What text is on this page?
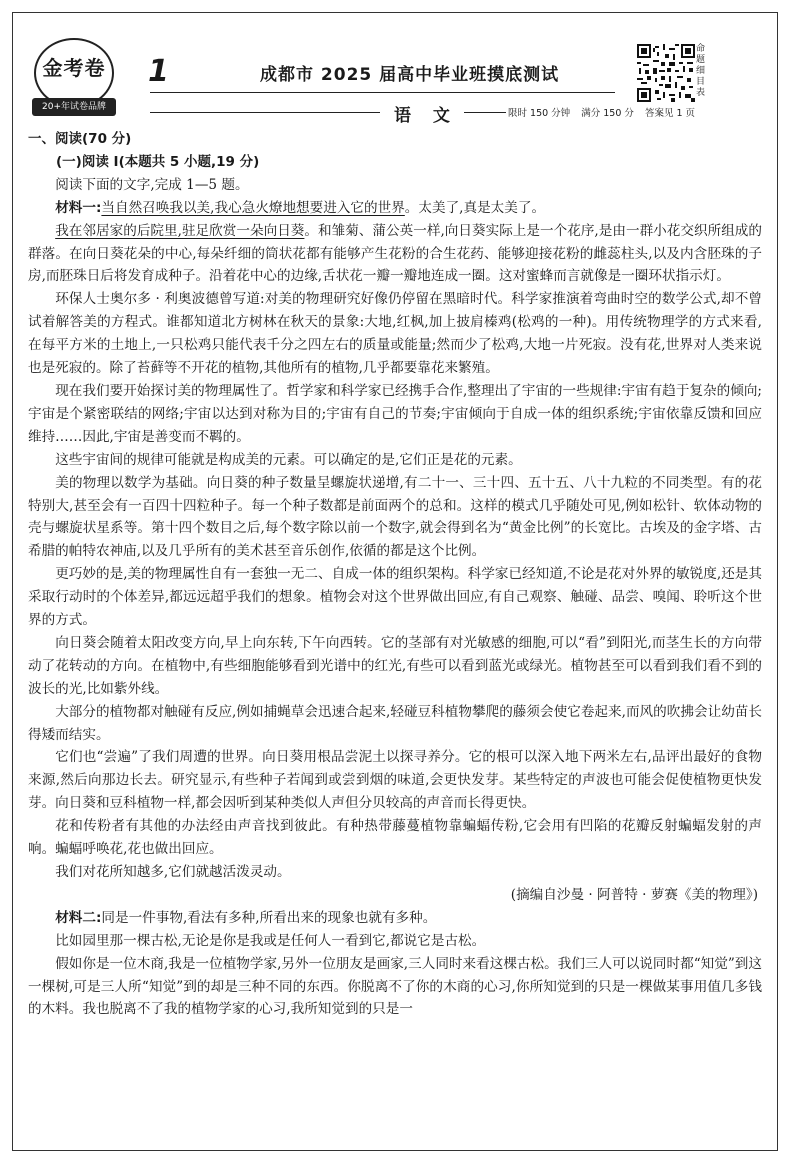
金考卷
20+年试卷品牌
1	成都市 2025 届高中毕业班摸底测试
语 文	限时 150 分钟 满分 150 分 答案见 1 页
命题细目表

一、阅读(70 分)

(一)阅读 Ⅰ(本题共 5 小题,19 分)

阅读下面的文字,完成 1—5 题。

材料一:当自然召唤我以美,我心急火燎地想要进入它的世界。太美了,真是太美了。

我在邻居家的后院里,驻足欣赏一朵向日葵。和雏菊、蒲公英一样,向日葵实际上是一个花序,是由一群小花交织所组成的群落。在向日葵花朵的中心,每朵纤细的筒状花都有能够产生花粉的合生花药、能够迎接花粉的雌蕊柱头,以及内含胚珠的子房,而胚珠日后将发育成种子。沿着花中心的边缘,舌状花一瓣一瓣地连成一圈。这对蜜蜂而言就像是一圈环状指示灯。

环保人士奥尔多 · 利奥波德曾写道:对美的物理研究好像仍停留在黑暗时代。科学家推演着弯曲时空的数学公式,却不曾试着解答美的方程式。谁都知道北方树林在秋天的景象:大地,红枫,加上披肩榛鸡(松鸡的一种)。用传统物理学的方式来看,在每平方米的土地上,一只松鸡只能代表千分之四左右的质量或能量;然而少了松鸡,大地一片死寂。没有花,世界对人类来说也是死寂的。除了苔藓等不开花的植物,其他所有的植物,几乎都要靠花来繁殖。

现在我们要开始探讨美的物理属性了。哲学家和科学家已经携手合作,整理出了宇宙的一些规律:宇宙有趋于复杂的倾向;宇宙是个紧密联结的网络;宇宙以达到对称为目的;宇宙有自己的节奏;宇宙倾向于自成一体的组织系统;宇宙依靠反馈和回应维持……因此,宇宙是善变而不羁的。

这些宇宙间的规律可能就是构成美的元素。可以确定的是,它们正是花的元素。

美的物理以数学为基础。向日葵的种子数量呈螺旋状递增,有二十一、三十四、五十五、八十九粒的不同类型。有的花特别大,甚至会有一百四十四粒种子。每一个种子数都是前面两个的总和。这样的模式几乎随处可见,例如松针、软体动物的壳与螺旋状星系等。第十四个数目之后,每个数字除以前一个数字,就会得到名为“黄金比例”的长宽比。古埃及的金字塔、古希腊的帕特农神庙,以及几乎所有的美术甚至音乐创作,依循的都是这个比例。

更巧妙的是,美的物理属性自有一套独一无二、自成一体的组织架构。科学家已经知道,不论是花对外界的敏锐度,还是其采取行动时的个体差异,都远远超乎我们的想象。植物会对这个世界做出回应,有自己观察、触碰、品尝、嗅闻、聆听这个世界的方式。

向日葵会随着太阳改变方向,早上向东转,下午向西转。它的茎部有对光敏感的细胞,可以“看”到阳光,而茎生长的方向带动了花转动的方向。在植物中,有些细胞能够看到光谱中的红光,有些可以看到蓝光或绿光。植物甚至可以看到我们看不到的波长的光,比如紫外线。

大部分的植物都对触碰有反应,例如捕蝇草会迅速合起来,轻碰豆科植物攀爬的藤须会使它卷起来,而风的吹拂会让幼苗长得矮而结实。

它们也“尝遍”了我们周遭的世界。向日葵用根品尝泥土以探寻养分。它的根可以深入地下两米左右,品评出最好的食物来源,然后向那边长去。研究显示,有些种子若闻到或尝到烟的味道,会更快发芽。某些特定的声波也可能会促使植物更快发芽。向日葵和豆科植物一样,都会因听到某种类似人声但分贝较高的声音而长得更快。

花和传粉者有其他的办法经由声音找到彼此。有种热带藤蔓植物靠蝙蝠传粉,它会用有凹陷的花瓣反射蝙蝠发射的声响。蝙蝠呼唤花,花也做出回应。

我们对花所知越多,它们就越活泼灵动。

(摘编自沙曼 · 阿普特 · 萝赛《美的物理》)

材料二:同是一件事物,看法有多种,所看出来的现象也就有多种。

比如园里那一棵古松,无论是你是我或是任何人一看到它,都说它是古松。

假如你是一位木商,我是一位植物学家,另外一位朋友是画家,三人同时来看这棵古松。我们三人可以说同时都“知觉”到这一棵树,可是三人所“知觉”到的却是三种不同的东西。你脱离不了你的木商的心习,你所知觉到的只是一棵做某事用值几多钱的木料。我也脱离不了我的植物学家的心习,我所知觉到的只是一
